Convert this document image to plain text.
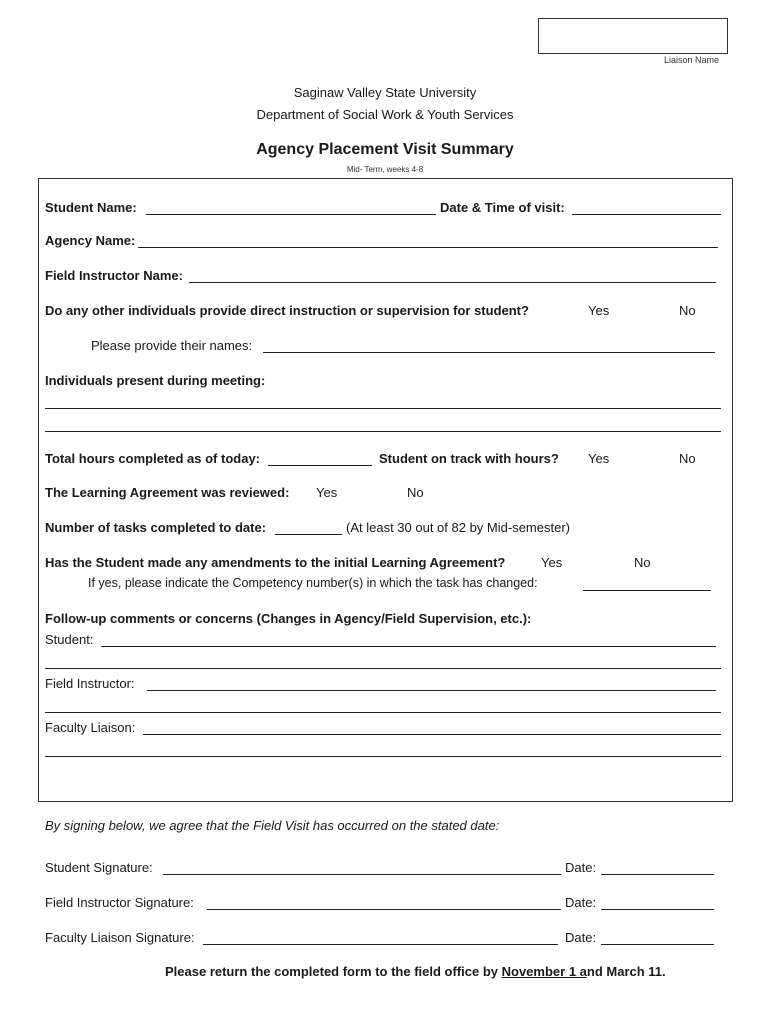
Liaison Name
Saginaw Valley State University
Department of Social Work & Youth Services
Agency Placement Visit Summary
Mid- Term, weeks 4-8
Student Name:	Date & Time of visit:
Agency Name:
Field Instructor Name:
Do any other individuals provide direct instruction or supervision for student?	Yes	No
Please provide their names:
Individuals present during meeting:
Total hours completed as of today:	Student on track with hours? Yes	No
The Learning Agreement was reviewed: Yes	No
Number of tasks completed to date:	(At least 30 out of 82 by Mid-semester)
Has the Student made any amendments to the initial Learning Agreement?	Yes	No
If yes, please indicate the Competency number(s) in which the task has changed:
Follow-up comments or concerns (Changes in Agency/Field Supervision, etc.):
Student:
Field Instructor:
Faculty Liaison:
By signing below, we agree that the Field Visit has occurred on the stated date:
Student Signature:	Date:
Field Instructor Signature:	Date:
Faculty Liaison Signature:	Date:
Please return the completed form to the field office by November 1 and March 11.
